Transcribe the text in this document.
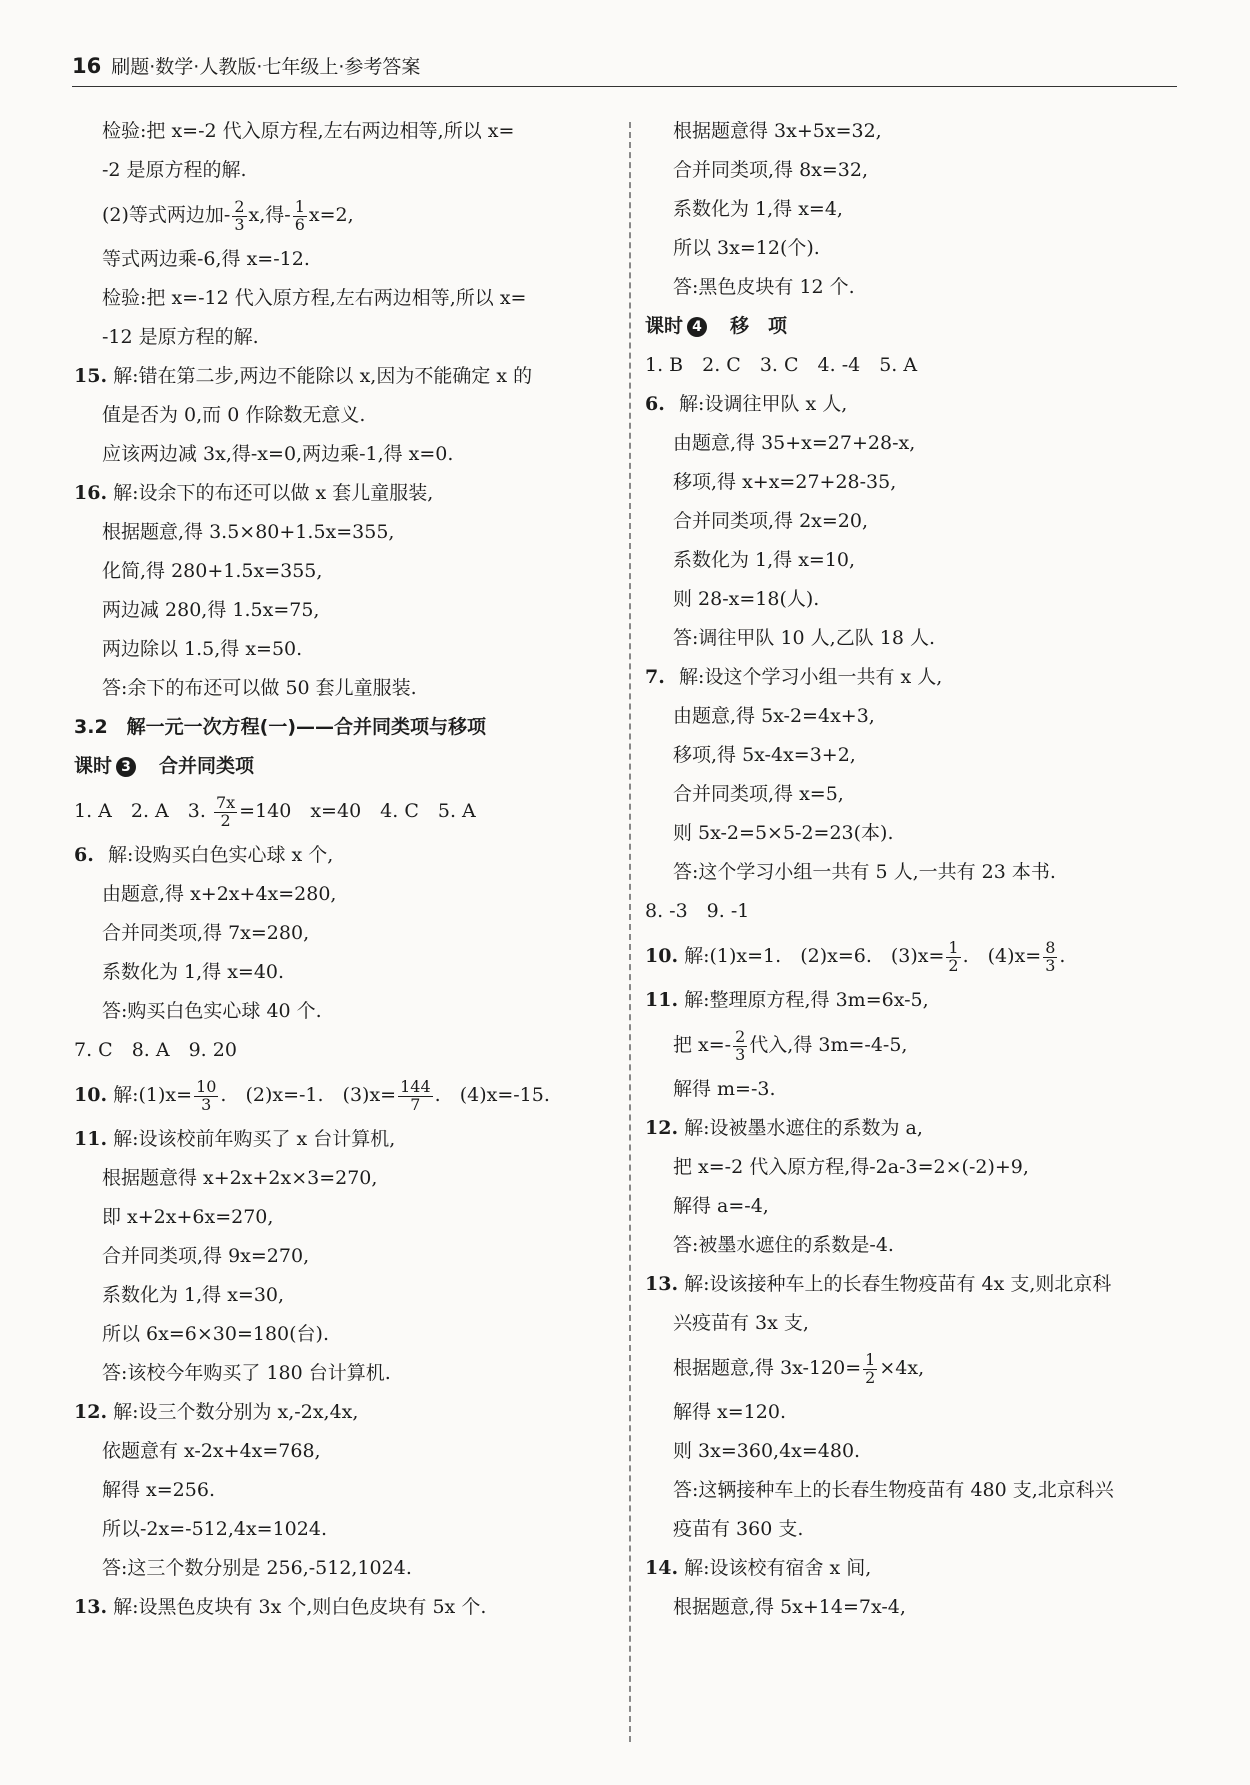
16 刷题·数学·人教版·七年级上·参考答案
检验:把 x=-2 代入原方程,左右两边相等,所以 x=
-2 是原方程的解.
(2)等式两边加- $\frac{2}{3} x$,得- $\frac{1}{6} x=2$,
等式两边乘-6,得 x=-12.
检验:把 x=-12 代入原方程,左右两边相等,所以 x=
-12 是原方程的解.
15. 解:错在第二步,两边不能除以 x,因为不能确定 x 的
值是否为 0,而 0 作除数无意义.
应该两边减 3x,得-x=0,两边乘-1,得 x=0.
16. 解:设余下的布还可以做 x 套儿童服装,
根据题意,得 3.5×80+1.5x=355,
化简,得 280+1.5x=355,
两边减 280,得 1.5x=75,
两边除以 1.5,得 x=50.
答:余下的布还可以做 50 套儿童服装.
3.2　解一元一次方程(一)——合并同类项与移项
课时 3　 合并同类项
1. A　2. A　3. $\frac{7x}{2} =140$　x=40　4. C　5. A
6. 解:设购买白色实心球 x 个,
由题意,得 x+2x+4x=280,
合并同类项,得 7x=280,
系数化为 1,得 x=40.
答:购买白色实心球 40 个.
7. C　8. A　9. 20
10. 解:(1)x= $\frac{10}{3}$ .　(2)x=-1.　$(3)x= \frac{144}{7}$ .　(4)x=-15.
11. 解:设该校前年购买了 x 台计算机,
根据题意得 x+2x+2x×3=270,
即 x+2x+6x=270,
合并同类项,得 9x=270,
系数化为 1,得 x=30,
所以 6x=6×30=180(台).
答:该校今年购买了 180 台计算机.
12. 解:设三个数分别为 x,-2x,4x,
依题意有 x-2x+4x=768,
解得 x=256.
所以-2x=-512,4x=1024.
答:这三个数分别是 256,-512,1024.
13. 解:设黑色皮块有 3x 个,则白色皮块有 5x 个.
根据题意得 3x+5x=32,
合并同类项,得 8x=32,
系数化为 1,得 x=4,
所以 3x=12(个).
答:黑色皮块有 12 个.
课时 4　 移　项
1. B　2. C　3. C　4. -4　5. A
6. 解:设调往甲队 x 人,
由题意,得 35+x=27+28-x,
移项,得 x+x=27+28-35,
合并同类项,得 2x=20,
系数化为 1,得 x=10,
则 28-x=18(人).
答:调往甲队 10 人,乙队 18 人.
7. 解:设这个学习小组一共有 x 人,
由题意,得 5x-2=4x+3,
移项,得 5x-4x=3+2,
合并同类项,得 x=5,
则 5x-2=5×5-2=23(本).
答:这个学习小组一共有 5 人,一共有 23 本书.
8. -3　9. -1
10. 解:(1)x=1.　(2)x=6.　$(3)x= \frac{1}{2}$ .　$(4)x= \frac{8}{3}$ .
11. 解:整理原方程,得 3m=6x-5,
把 $x=- \frac{2}{3}$ 代入,得 3m=-4-5,
解得 m=-3.
12. 解:设被墨水遮住的系数为 a,
把 x=-2 代入原方程,得-2a-3=2×(-2)+9,
解得 a=-4,
答:被墨水遮住的系数是-4.
13. 解:设该接种车上的长春生物疫苗有 4x 支,则北京科
兴疫苗有 3x 支,
根据题意,得 $3x-120= \frac{1}{2} \times 4x$,
解得 x=120.
则 3x=360,4x=480.
答:这辆接种车上的长春生物疫苗有 480 支,北京科兴
疫苗有 360 支.
14. 解:设该校有宿舍 x 间,
根据题意,得 5x+14=7x-4,
